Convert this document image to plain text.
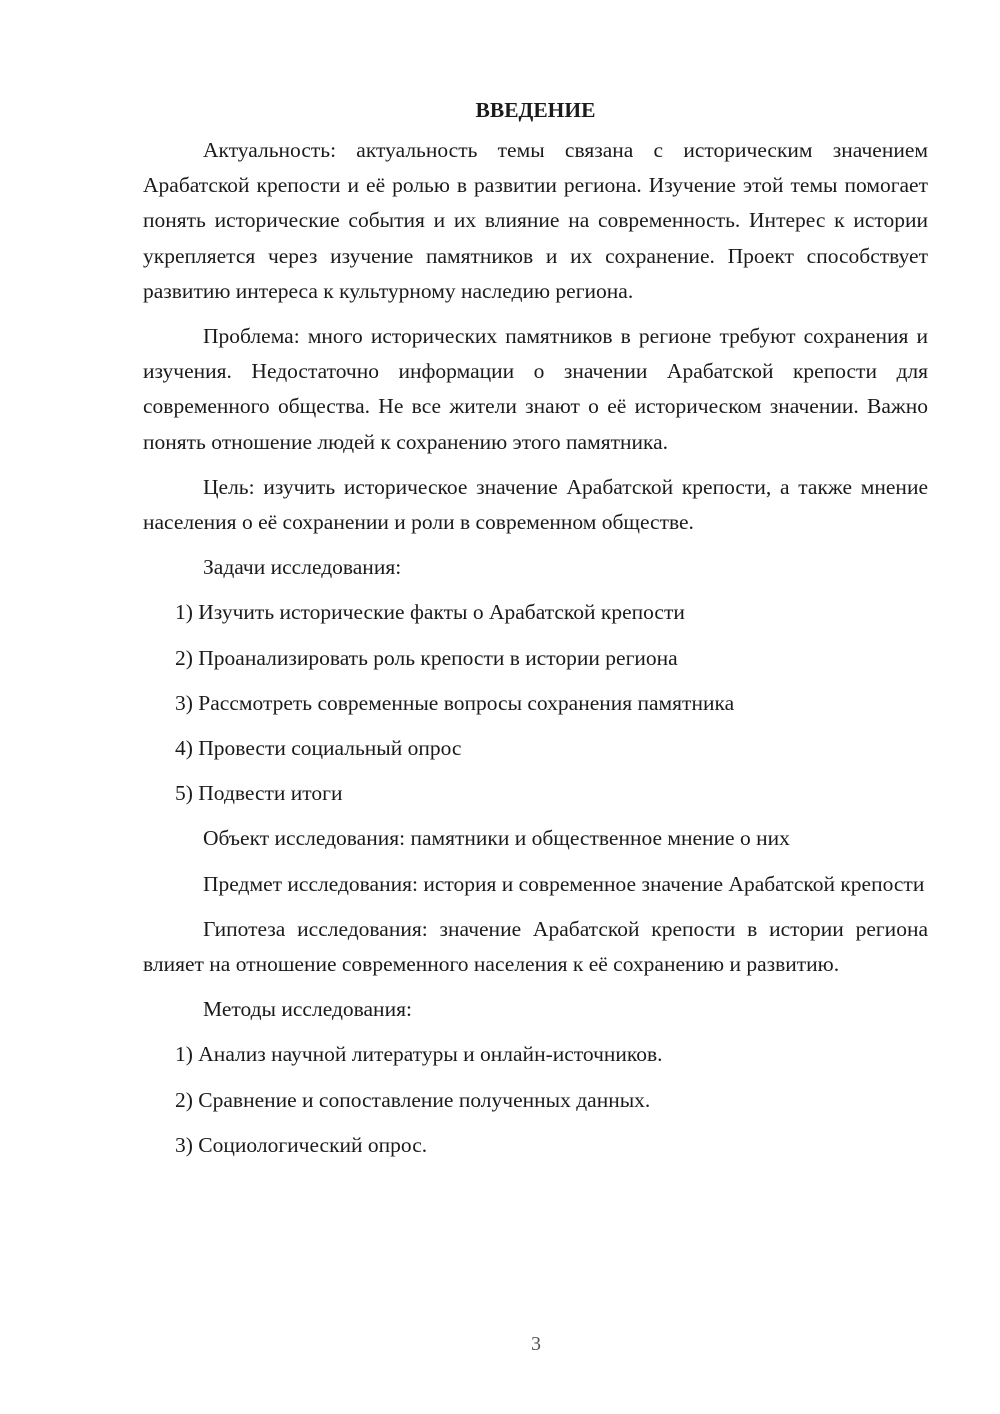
ВВЕДЕНИЕ

Актуальность: актуальность темы связана с историческим значением Арабатской крепости и её ролью в развитии региона. Изучение этой темы помогает понять исторические события и их влияние на современность. Интерес к истории укрепляется через изучение памятников и их сохранение. Проект способствует развитию интереса к культурному наследию региона.

Проблема: много исторических памятников в регионе требуют сохранения и изучения. Недостаточно информации о значении Арабатской крепости для современного общества. Не все жители знают о её историческом значении. Важно понять отношение людей к сохранению этого памятника.

Цель: изучить историческое значение Арабатской крепости, а также мнение населения о её сохранении и роли в современном обществе.

Задачи исследования:

1) Изучить исторические факты о Арабатской крепости
2) Проанализировать роль крепости в истории региона
3) Рассмотреть современные вопросы сохранения памятника
4) Провести социальный опрос
5) Подвести итоги

Объект исследования: памятники и общественное мнение о них

Предмет исследования: история и современное значение Арабатской крепости

Гипотеза исследования: значение Арабатской крепости в истории региона влияет на отношение современного населения к её сохранению и развитию.

Методы исследования:

1) Анализ научной литературы и онлайн-источников.
2) Сравнение и сопоставление полученных данных.
3) Социологический опрос.
3
